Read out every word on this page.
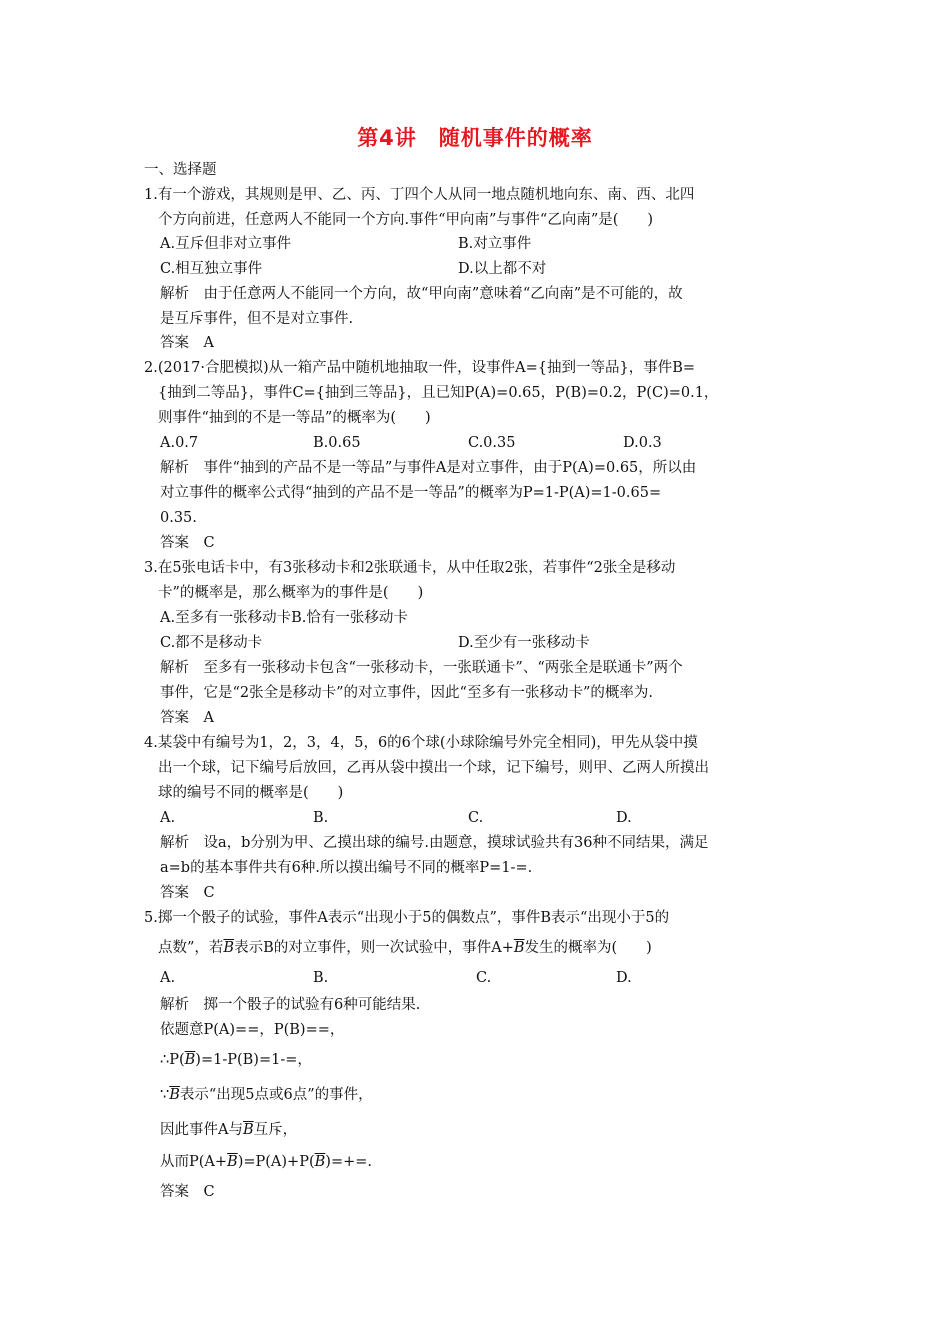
第4讲　随机事件的概率
一、选择题
1.有一个游戏，其规则是甲、乙、丙、丁四个人从同一地点随机地向东、南、西、北四
个方向前进，任意两人不能同一个方向.事件“甲向南”与事件“乙向南”是(　　)
A.互斥但非对立事件	B.对立事件
C.相互独立事件	D.以上都不对
解析　由于任意两人不能同一个方向，故“甲向南”意味着“乙向南”是不可能的，故
是互斥事件，但不是对立事件.
答案　A
2.(2017·合肥模拟)从一箱产品中随机地抽取一件，设事件A={抽到一等品}，事件B=
{抽到二等品}，事件C={抽到三等品}，且已知P(A)=0.65，P(B)=0.2，P(C)=0.1，
则事件“抽到的不是一等品”的概率为(　　)
A.0.7	B.0.65	C.0.35	D.0.3
解析　事件“抽到的产品不是一等品”与事件A是对立事件，由于P(A)=0.65，所以由
对立事件的概率公式得“抽到的产品不是一等品”的概率为P=1-P(A)=1-0.65=
0.35.
答案　C
3.在5张电话卡中，有3张移动卡和2张联通卡，从中任取2张，若事件“2张全是移动
卡”的概率是，那么概率为的事件是(　　)
A.至多有一张移动卡B.恰有一张移动卡
C.都不是移动卡	D.至少有一张移动卡
解析　至多有一张移动卡包含“一张移动卡，一张联通卡”、“两张全是联通卡”两个
事件，它是“2张全是移动卡”的对立事件，因此“至多有一张移动卡”的概率为.
答案　A
4.某袋中有编号为1，2，3，4，5，6的6个球(小球除编号外完全相同)，甲先从袋中摸
出一个球，记下编号后放回，乙再从袋中摸出一个球，记下编号，则甲、乙两人所摸出
球的编号不同的概率是(　　)
A.	B.	C.	D.
解析　设a，b分别为甲、乙摸出球的编号.由题意，摸球试验共有36种不同结果，满足
a=b的基本事件共有6种.所以摸出编号不同的概率P=1-=.
答案　C
5.掷一个骰子的试验，事件A表示“出现小于5的偶数点”，事件B表示“出现小于5的
点数”，若$\overline{B}$表示B的对立事件，则一次试验中，事件$A+\overline{B}$发生的概率为(　　)
A.	B.	C.	D.
解析　掷一个骰子的试验有6种可能结果.
依题意P(A)==，P(B)==，
$\therefore P(\overline{B})=1-P(B)=1-=$，
$\because\overline{B}$表示“出现5点或6点”的事件，
因此事件A与$\overline{B}$互斥，
从而$P(A+\overline{B})=P(A)+P(\overline{B})=+=$.
答案　C
